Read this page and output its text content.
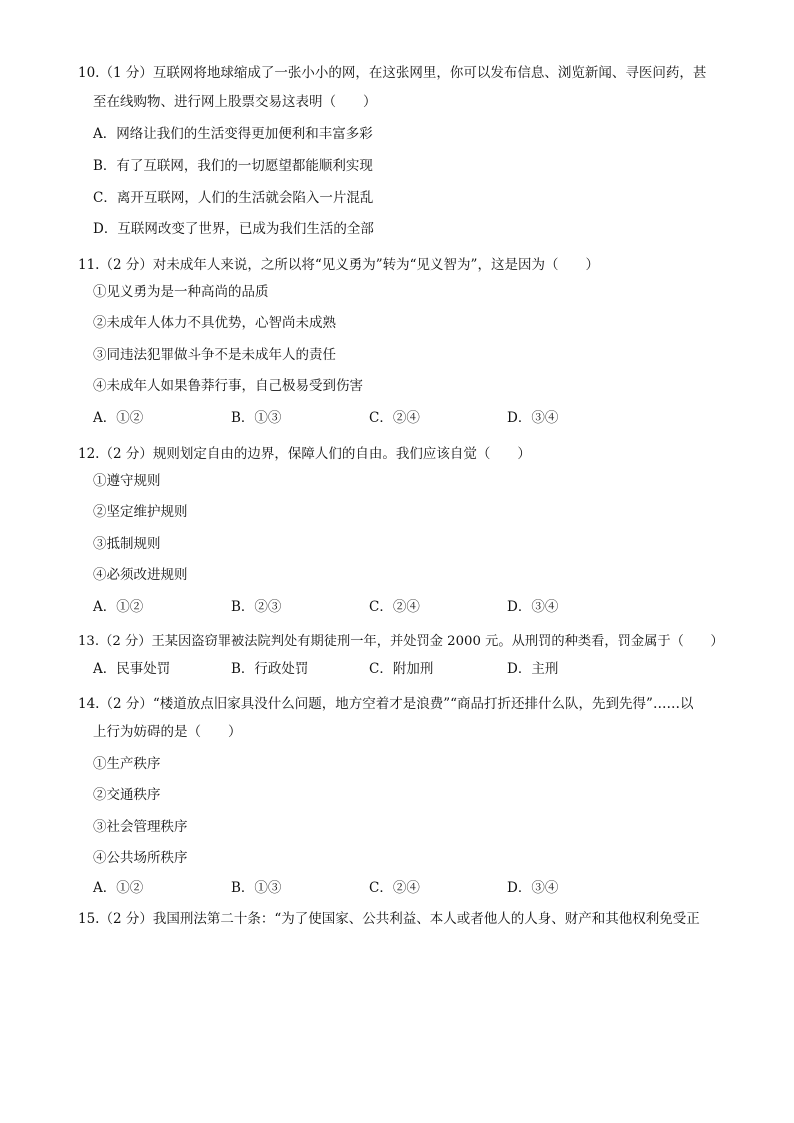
10.（1 分）互联网将地球缩成了一张小小的网，在这张网里，你可以发布信息、浏览新闻、寻医问药，甚
至在线购物、进行网上股票交易这表明（　　）
A．网络让我们的生活变得更加便利和丰富多彩
B．有了互联网，我们的一切愿望都能顺利实现
C．离开互联网，人们的生活就会陷入一片混乱
D．互联网改变了世界，已成为我们生活的全部
11.（2 分）对未成年人来说，之所以将“见义勇为”转为“见义智为”，这是因为（　　）
①见义勇为是一种高尚的品质
②未成年人体力不具优势，心智尚未成熟
③同违法犯罪做斗争不是未成年人的责任
④未成年人如果鲁莽行事，自己极易受到伤害
A．①②	B．①③	C．②④	D．③④
12.（2 分）规则划定自由的边界，保障人们的自由。我们应该自觉（　　）
①遵守规则
②坚定维护规则
③抵制规则
④必须改进规则
A．①②	B．②③	C．②④	D．③④
13.（2 分）王某因盗窃罪被法院判处有期徒刑一年，并处罚金 2000 元。从刑罚的种类看，罚金属于（　　）
A．民事处罚	B．行政处罚	C．附加刑	D．主刑
14.（2 分）“楼道放点旧家具没什么问题，地方空着才是浪费”“商品打折还排什么队，先到先得”……以
上行为妨碍的是（　　）
①生产秩序
②交通秩序
③社会管理秩序
④公共场所秩序
A．①②	B．①③	C．②④	D．③④
15.（2 分）我国刑法第二十条：“为了使国家、公共利益、本人或者他人的人身、财产和其他权利免受正
